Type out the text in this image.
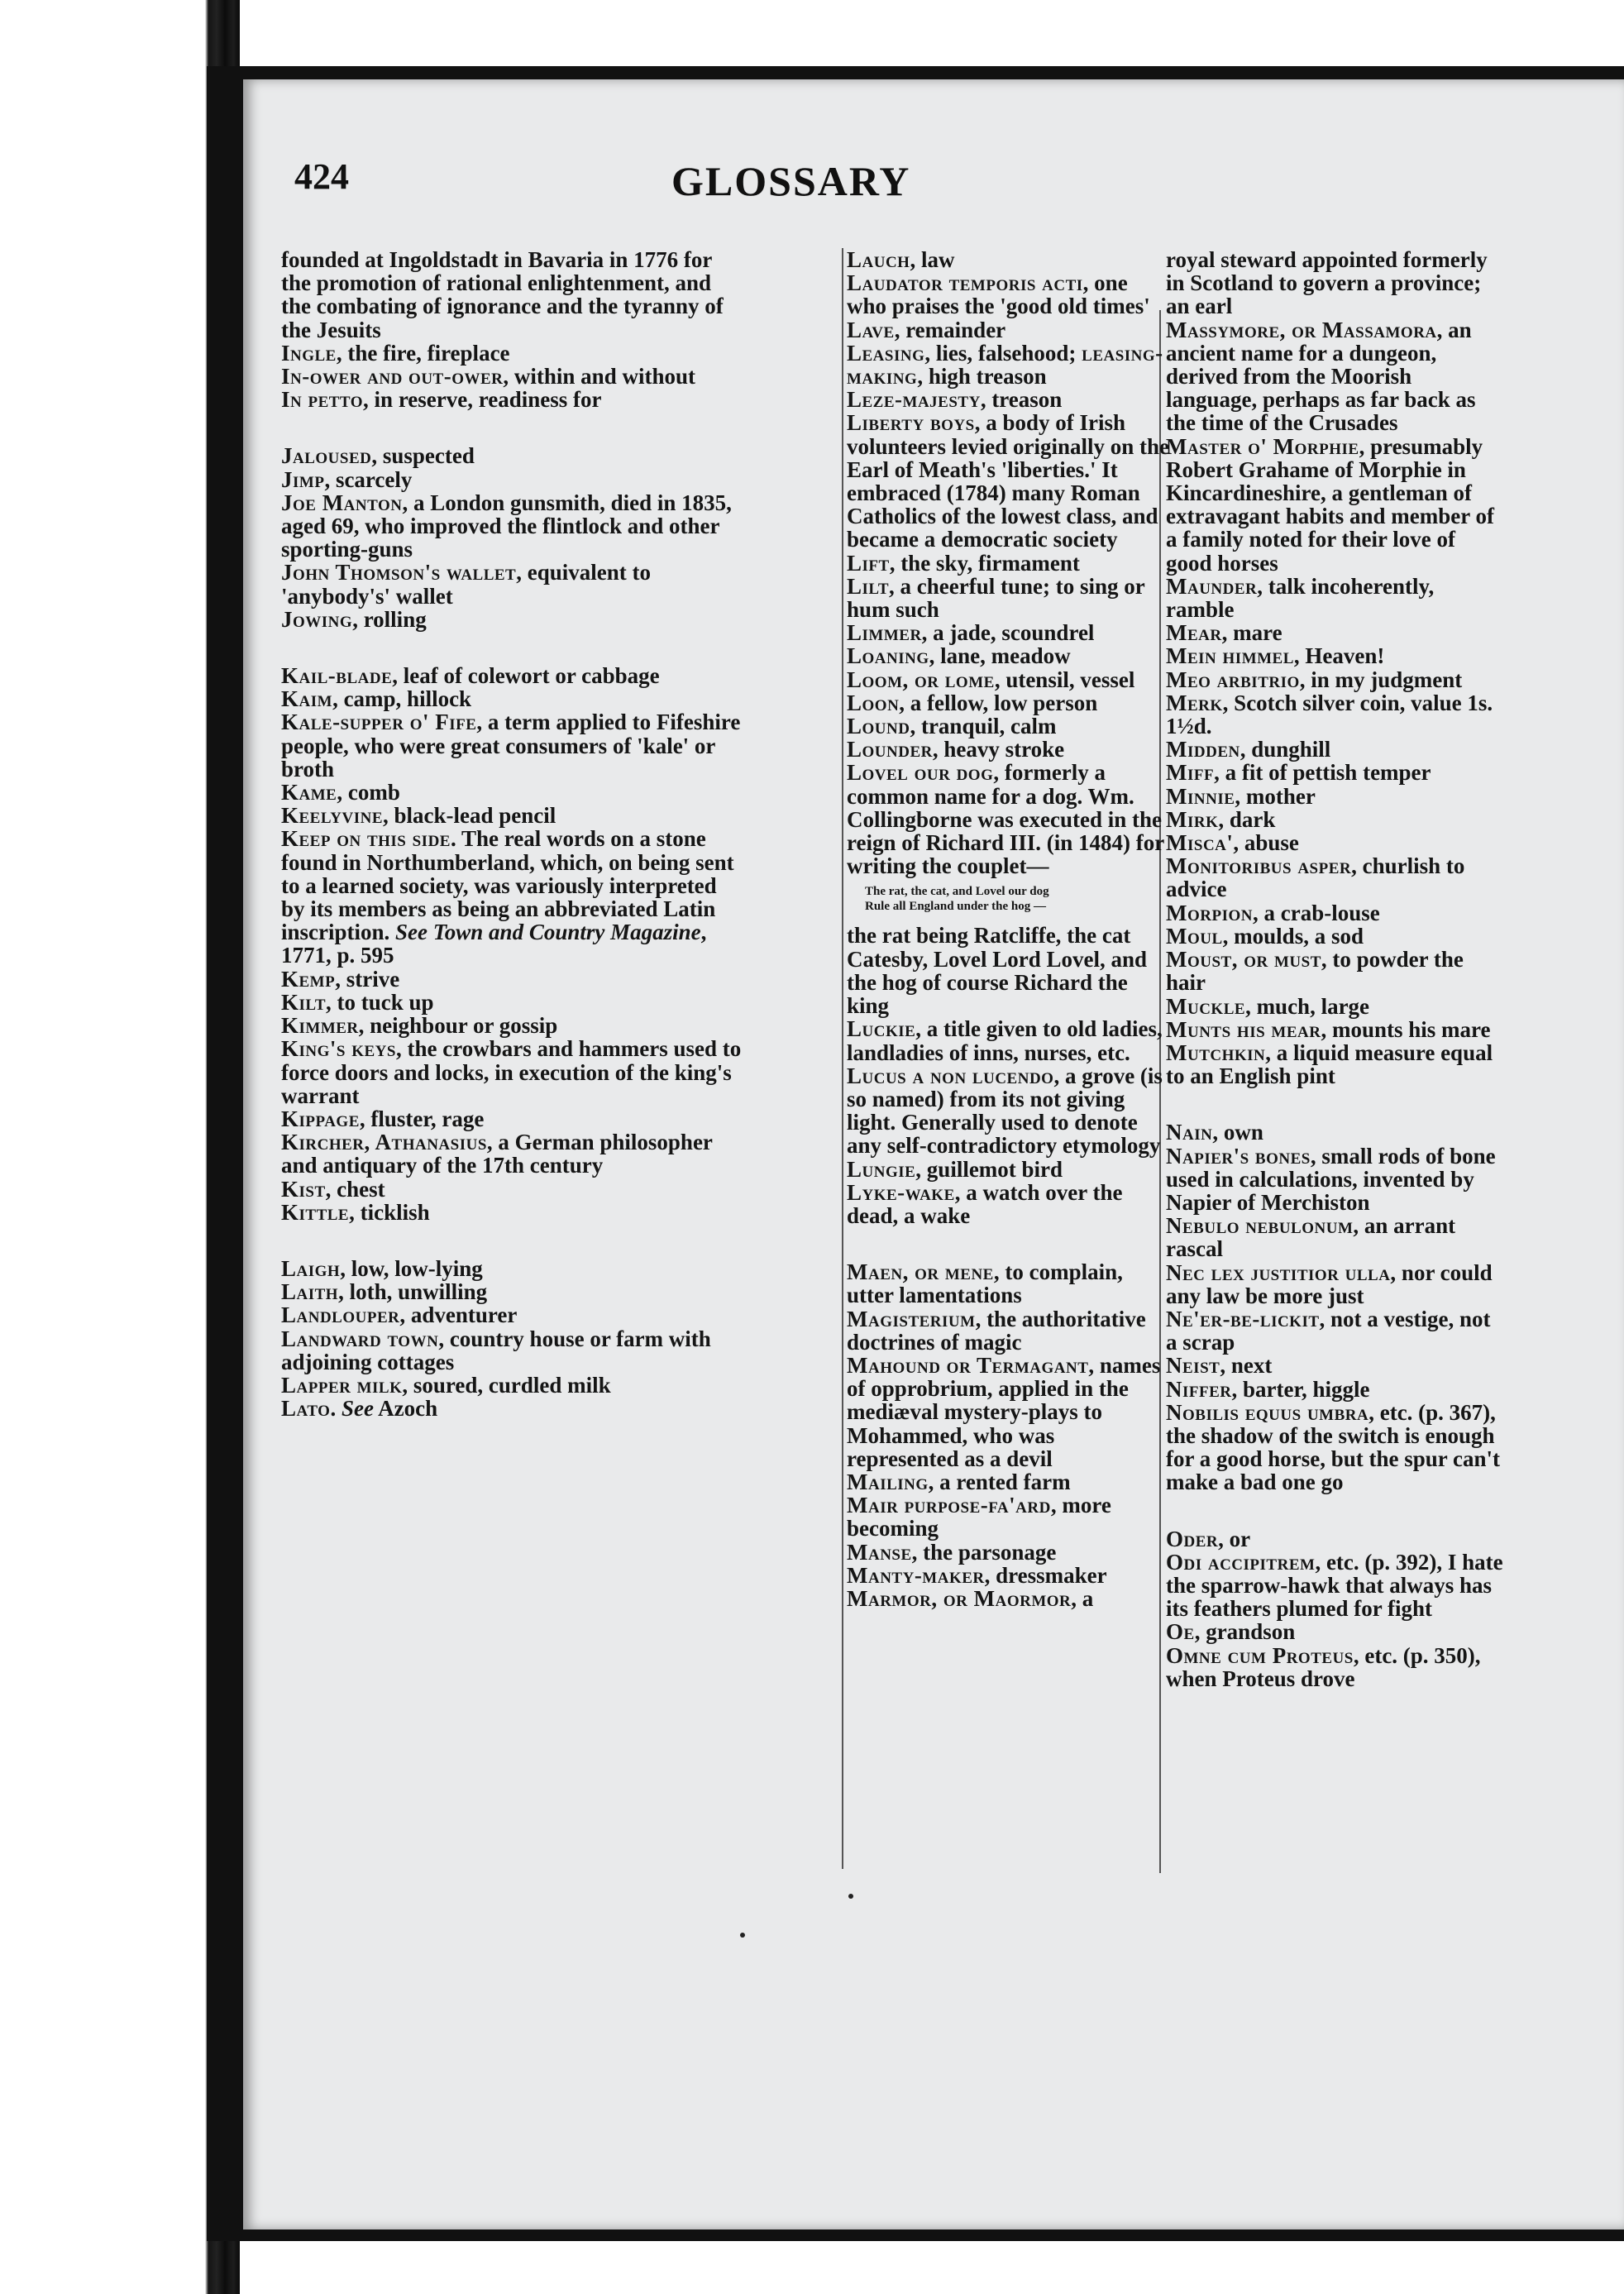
424	GLOSSARY
founded at Ingoldstadt in Bavaria in 1776 for the promotion of rational enlightenment, and the combating of ignorance and the tyranny of the Jesuits
Ingle, the fire, fireplace
In-ower and out-ower, within and without
In petto, in reserve, readiness for
Jaloused, suspected
Jimp, scarcely
Joe Manton, a London gunsmith, died in 1835, aged 69, who improved the flintlock and other sporting-guns
John Thomson's wallet, equivalent to 'anybody's' wallet
Jowing, rolling
Kail-blade, leaf of colewort or cabbage
Kaim, camp, hillock
Kale-supper o' Fife, a term applied to Fifeshire people, who were great consumers of 'kale' or broth
Kame, comb
Keelyvine, black-lead pencil
Keep on this side. The real words on a stone found in Northumberland, which, on being sent to a learned society, was variously interpreted by its members as being an abbreviated Latin inscription. See Town and Country Magazine, 1771, p. 595
Kemp, strive
Kilt, to tuck up
Kimmer, neighbour or gossip
King's keys, the crowbars and hammers used to force doors and locks, in execution of the king's warrant
Kippage, fluster, rage
Kircher, Athanasius, a German philosopher and antiquary of the 17th century
Kist, chest
Kittle, ticklish
Laigh, low, low-lying
Laith, loth, unwilling
Landlouper, adventurer
Landward town, country house or farm with adjoining cottages
Lapper milk, soured, curdled milk
Lato. See Azoch
Lauch, law
Laudator temporis acti, one who praises the 'good old times'
Lave, remainder
Leasing, lies, falsehood; leasing-making, high treason
Leze-majesty, treason
Liberty boys, a body of Irish volunteers levied originally on the Earl of Meath's 'liberties.' It embraced (1784) many Roman Catholics of the lowest class, and became a democratic society
Lift, the sky, firmament
Lilt, a cheerful tune; to sing or hum such
Limmer, a jade, scoundrel
Loaning, lane, meadow
Loom, or lome, utensil, vessel
Loon, a fellow, low person
Lound, tranquil, calm
Lounder, heavy stroke
Lovel our dog, formerly a common name for a dog. Wm. Collingborne was executed in the reign of Richard III. (in 1484) for writing the couplet—
The rat, the cat, and Lovel our dog
Rule all England under the hog —
the rat being Ratcliffe, the cat Catesby, Lovel Lord Lovel, and the hog of course Richard the king
Luckie, a title given to old ladies, landladies of inns, nurses, etc.
Lucus a non lucendo, a grove (is so named) from its not giving light. Generally used to denote any self-contradictory etymology
Lungie, guillemot bird
Lyke-wake, a watch over the dead, a wake
Maen, or mene, to complain, utter lamentations
Magisterium, the authoritative doctrines of magic
Mahound or Termagant, names of opprobrium, applied in the mediæval mystery-plays to Mohammed, who was represented as a devil
Mailing, a rented farm
Mair purpose-fa'ard, more becoming
Manse, the parsonage
Manty-maker, dressmaker
Marmor, or Maormor, a
royal steward appointed formerly in Scotland to govern a province; an earl
Massymore, or Massamora, an ancient name for a dungeon, derived from the Moorish language, perhaps as far back as the time of the Crusades
Master o' Morphie, presumably Robert Grahame of Morphie in Kincardineshire, a gentleman of extravagant habits and member of a family noted for their love of good horses
Maunder, talk incoherently, ramble
Mear, mare
Mein himmel, Heaven!
Meo arbitrio, in my judgment
Merk, Scotch silver coin, value 1s. 1½d.
Midden, dunghill
Miff, a fit of pettish temper
Minnie, mother
Mirk, dark
Misca', abuse
Monitoribus asper, churlish to advice
Morpion, a crab-louse
Moul, moulds, a sod
Moust, or must, to powder the hair
Muckle, much, large
Munts his mear, mounts his mare
Mutchkin, a liquid measure equal to an English pint
Nain, own
Napier's bones, small rods of bone used in calculations, invented by Napier of Merchiston
Nebulo nebulonum, an arrant rascal
Nec lex justitior ulla, nor could any law be more just
Ne'er-be-lickit, not a vestige, not a scrap
Neist, next
Niffer, barter, higgle
Nobilis equus umbra, etc. (p. 367), the shadow of the switch is enough for a good horse, but the spur can't make a bad one go
Oder, or
Odi accipitrem, etc. (p. 392), I hate the sparrow-hawk that always has its feathers plumed for fight
Oe, grandson
Omne cum Proteus, etc. (p. 350), when Proteus drove
